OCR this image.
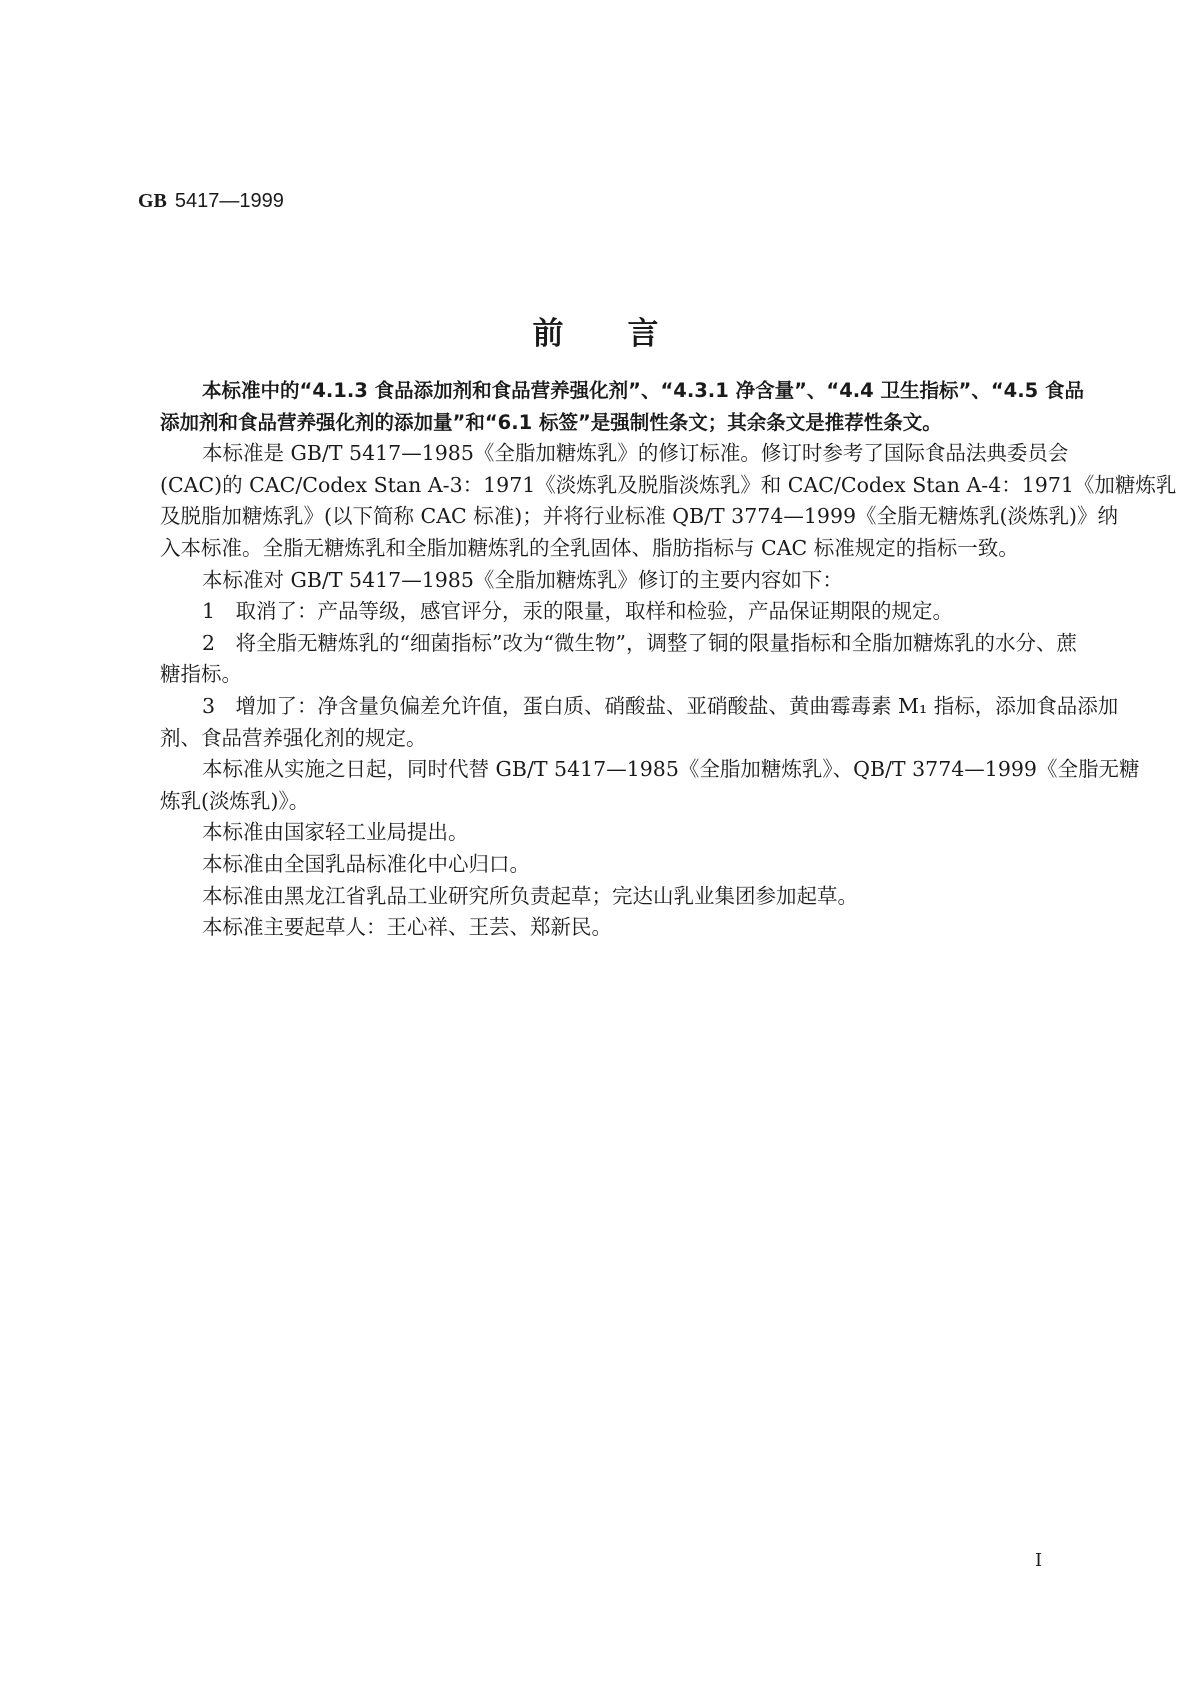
GB 5417—1999
前言
本标准中的“4.1.3 食品添加剂和食品营养强化剂”、“4.3.1 净含量”、“4.4 卫生指标”、“4.5 食品
添加剂和食品营养强化剂的添加量”和“6.1 标签”是强制性条文；其余条文是推荐性条文。
本标准是 GB/T 5417—1985《全脂加糖炼乳》的修订标准。修订时参考了国际食品法典委员会
(CAC)的 CAC/Codex Stan A-3：1971《淡炼乳及脱脂淡炼乳》和 CAC/Codex Stan A-4：1971《加糖炼乳
及脱脂加糖炼乳》(以下简称 CAC 标准)；并将行业标准 QB/T 3774—1999《全脂无糖炼乳(淡炼乳)》纳
入本标准。全脂无糖炼乳和全脂加糖炼乳的全乳固体、脂肪指标与 CAC 标准规定的指标一致。
本标准对 GB/T 5417—1985《全脂加糖炼乳》修订的主要内容如下：
1　取消了：产品等级，感官评分，汞的限量，取样和检验，产品保证期限的规定。
2　将全脂无糖炼乳的“细菌指标”改为“微生物”，调整了铜的限量指标和全脂加糖炼乳的水分、蔗
糖指标。
3　增加了：净含量负偏差允许值，蛋白质、硝酸盐、亚硝酸盐、黄曲霉毒素 M₁ 指标，添加食品添加
剂、食品营养强化剂的规定。
本标准从实施之日起，同时代替 GB/T 5417—1985《全脂加糖炼乳》、QB/T 3774—1999《全脂无糖
炼乳(淡炼乳)》。
本标准由国家轻工业局提出。
本标准由全国乳品标准化中心归口。
本标准由黑龙江省乳品工业研究所负责起草；完达山乳业集团参加起草。
本标准主要起草人：王心祥、王芸、郑新民。
I
